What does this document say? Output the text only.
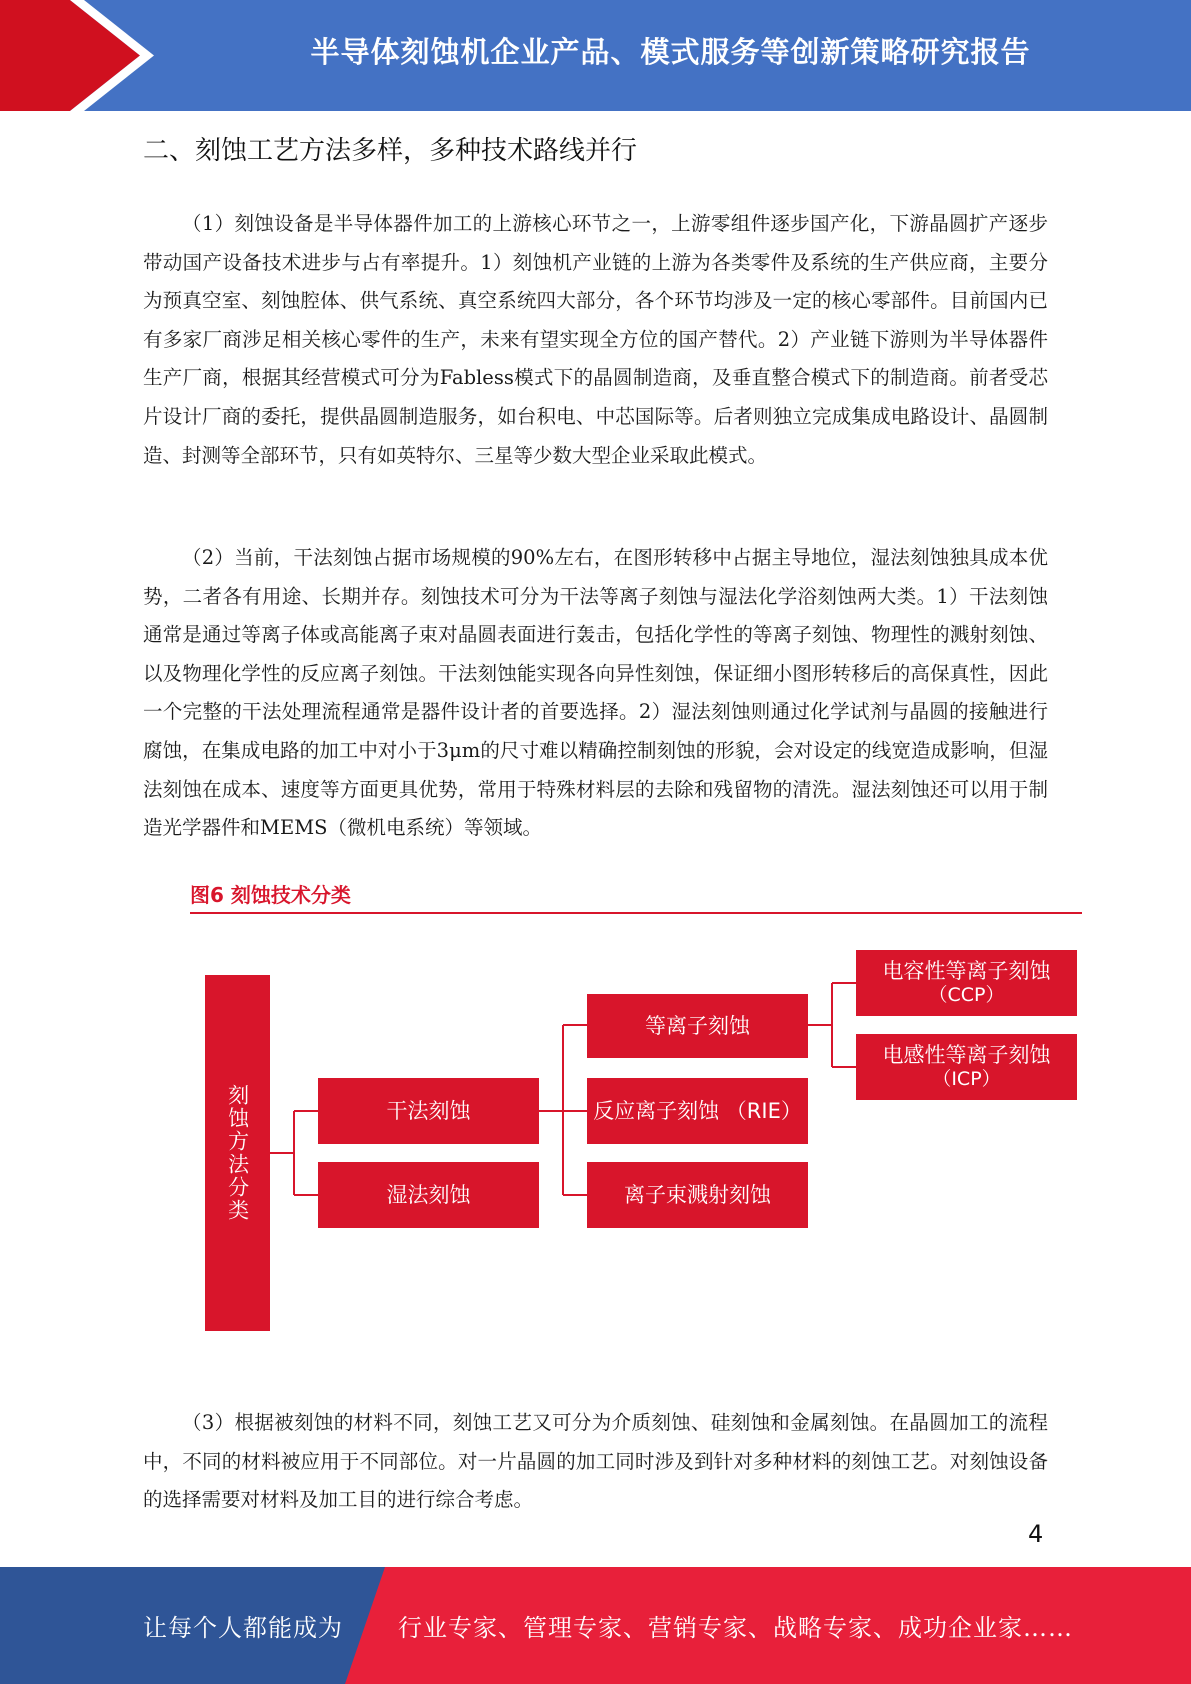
半导体刻蚀机企业产品、模式服务等创新策略研究报告
二、刻蚀工艺方法多样，多种技术路线并行

（1）刻蚀设备是半导体器件加工的上游核心环节之一，上游零组件逐步国产化，下游晶圆扩产逐步带动国产设备技术进步与占有率提升。1）刻蚀机产业链的上游为各类零件及系统的生产供应商，主要分为预真空室、刻蚀腔体、供气系统、真空系统四大部分，各个环节均涉及一定的核心零部件。目前国内已有多家厂商涉足相关核心零件的生产，未来有望实现全方位的国产替代。2）产业链下游则为半导体器件生产厂商，根据其经营模式可分为Fabless模式下的晶圆制造商，及垂直整合模式下的制造商。前者受芯片设计厂商的委托，提供晶圆制造服务，如台积电、中芯国际等。后者则独立完成集成电路设计、晶圆制造、封测等全部环节，只有如英特尔、三星等少数大型企业采取此模式。

（2）当前，干法刻蚀占据市场规模的90%左右，在图形转移中占据主导地位，湿法刻蚀独具成本优势，二者各有用途、长期并存。刻蚀技术可分为干法等离子刻蚀与湿法化学浴刻蚀两大类。1）干法刻蚀通常是通过等离子体或高能离子束对晶圆表面进行轰击，包括化学性的等离子刻蚀、物理性的溅射刻蚀、以及物理化学性的反应离子刻蚀。干法刻蚀能实现各向异性刻蚀，保证细小图形转移后的高保真性，因此一个完整的干法处理流程通常是器件设计者的首要选择。2）湿法刻蚀则通过化学试剂与晶圆的接触进行腐蚀，在集成电路的加工中对小于3μm的尺寸难以精确控制刻蚀的形貌，会对设定的线宽造成影响，但湿法刻蚀在成本、速度等方面更具优势，常用于特殊材料层的去除和残留物的清洗。湿法刻蚀还可以用于制造光学器件和MEMS（微机电系统）等领域。

图6 刻蚀技术分类
刻蚀方法分类	干法刻蚀
湿法刻蚀
等离子刻蚀
反应离子刻蚀 （RIE）
离子束溅射刻蚀
电容性等离子刻蚀
（CCP）
电感性等离子刻蚀
（ICP）

（3）根据被刻蚀的材料不同，刻蚀工艺又可分为介质刻蚀、硅刻蚀和金属刻蚀。在晶圆加工的流程中，不同的材料被应用于不同部位。对一片晶圆的加工同时涉及到针对多种材料的刻蚀工艺。对刻蚀设备的选择需要对材料及加工目的进行综合考虑。

4
让每个人都能成为 行业专家、管理专家、营销专家、战略专家、成功企业家……
